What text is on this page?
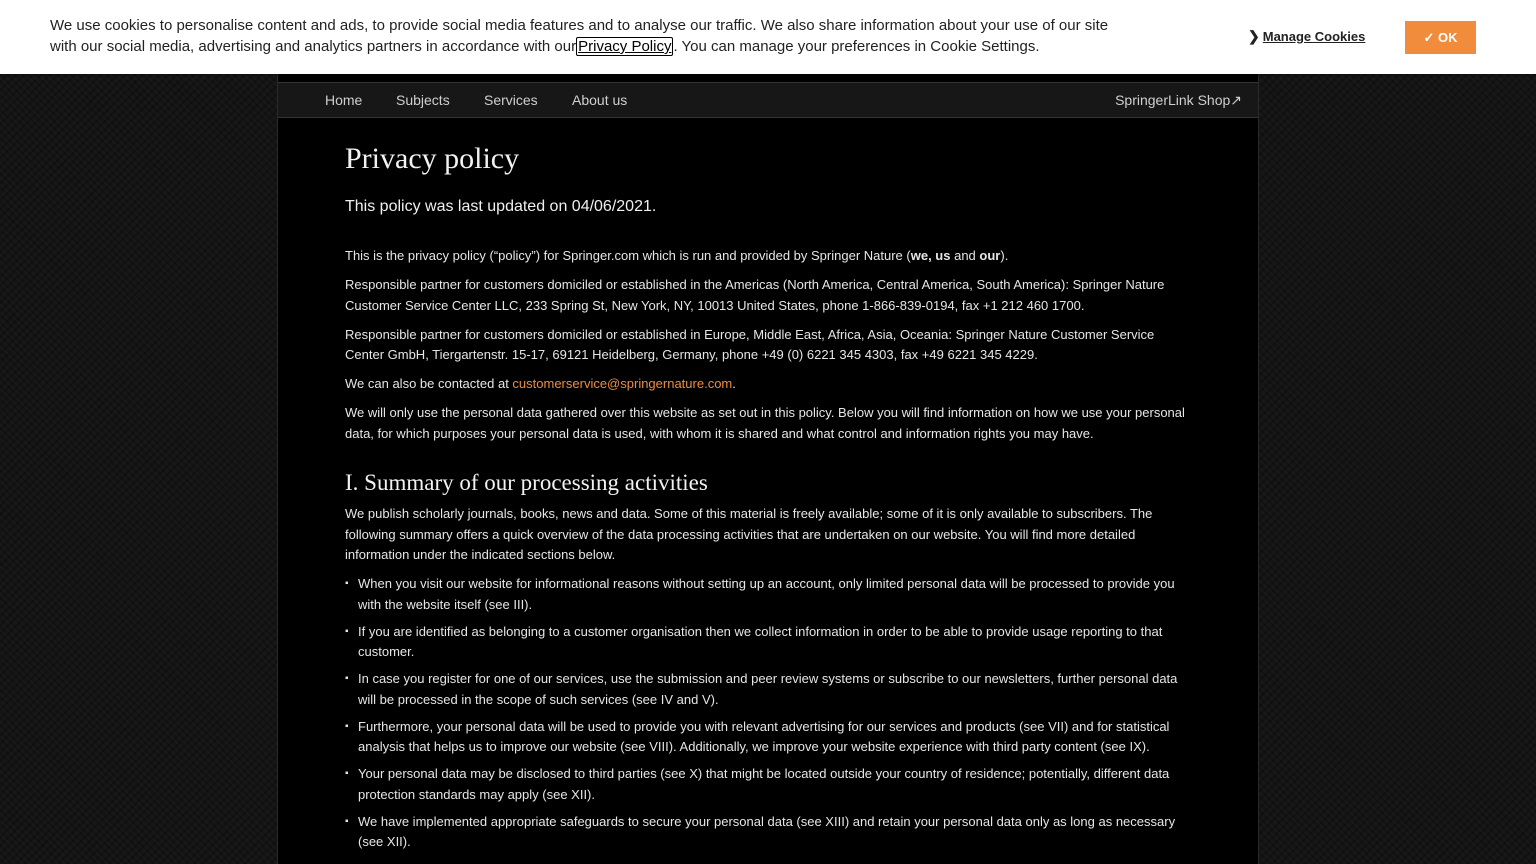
Home Subjects Services About us	SpringerLink Shop↗
Privacy policy
This policy was last updated on 04/06/2021.

This is the privacy policy (“policy”) for Springer.com which is run and provided by Springer Nature (we, us and our).

Responsible partner for customers domiciled or established in the Americas (North America, Central America, South America): Springer Nature Customer Service Center LLC, 233 Spring St, New York, NY, 10013 United States, phone 1-866-839-0194, fax +1 212 460 1700.

Responsible partner for customers domiciled or established in Europe, Middle East, Africa, Asia, Oceania: Springer Nature Customer Service Center GmbH, Tiergartenstr. 15-17, 69121 Heidelberg, Germany, phone +49 (0) 6221 345 4303, fax +49 6221 345 4229.

We can also be contacted at customerservice@springernature.com.

We will only use the personal data gathered over this website as set out in this policy. Below you will find information on how we use your personal data, for which purposes your personal data is used, with whom it is shared and what control and information rights you may have.

I. Summary of our processing activities

We publish scholarly journals, books, news and data. Some of this material is freely available; some of it is only available to subscribers. The following summary offers a quick overview of the data processing activities that are undertaken on our website. You will find more detailed information under the indicated sections below.

▪ When you visit our website for informational reasons without setting up an account, only limited personal data will be processed to provide you with the website itself (see III).
▪ If you are identified as belonging to a customer organisation then we collect information in order to be able to provide usage reporting to that customer.
▪ In case you register for one of our services, use the submission and peer review systems or subscribe to our newsletters, further personal data will be processed in the scope of such services (see IV and V).
▪ Furthermore, your personal data will be used to provide you with relevant advertising for our services and products (see VII) and for statistical analysis that helps us to improve our website (see VIII). Additionally, we improve your website experience with third party content (see IX).
▪ Your personal data may be disclosed to third parties (see X) that might be located outside your country of residence; potentially, different data protection standards may apply (see XII).
▪ We have implemented appropriate safeguards to secure your personal data (see XIII) and retain your personal data only as long as necessary (see XII).
We use cookies to personalise content and ads, to provide social media features and to analyse our traffic. We also share information about your use of our site with our social media, advertising and analytics partners in accordance with our Privacy Policy . You can manage your preferences in Cookie Settings.
❯ Manage Cookies	✓ OK
